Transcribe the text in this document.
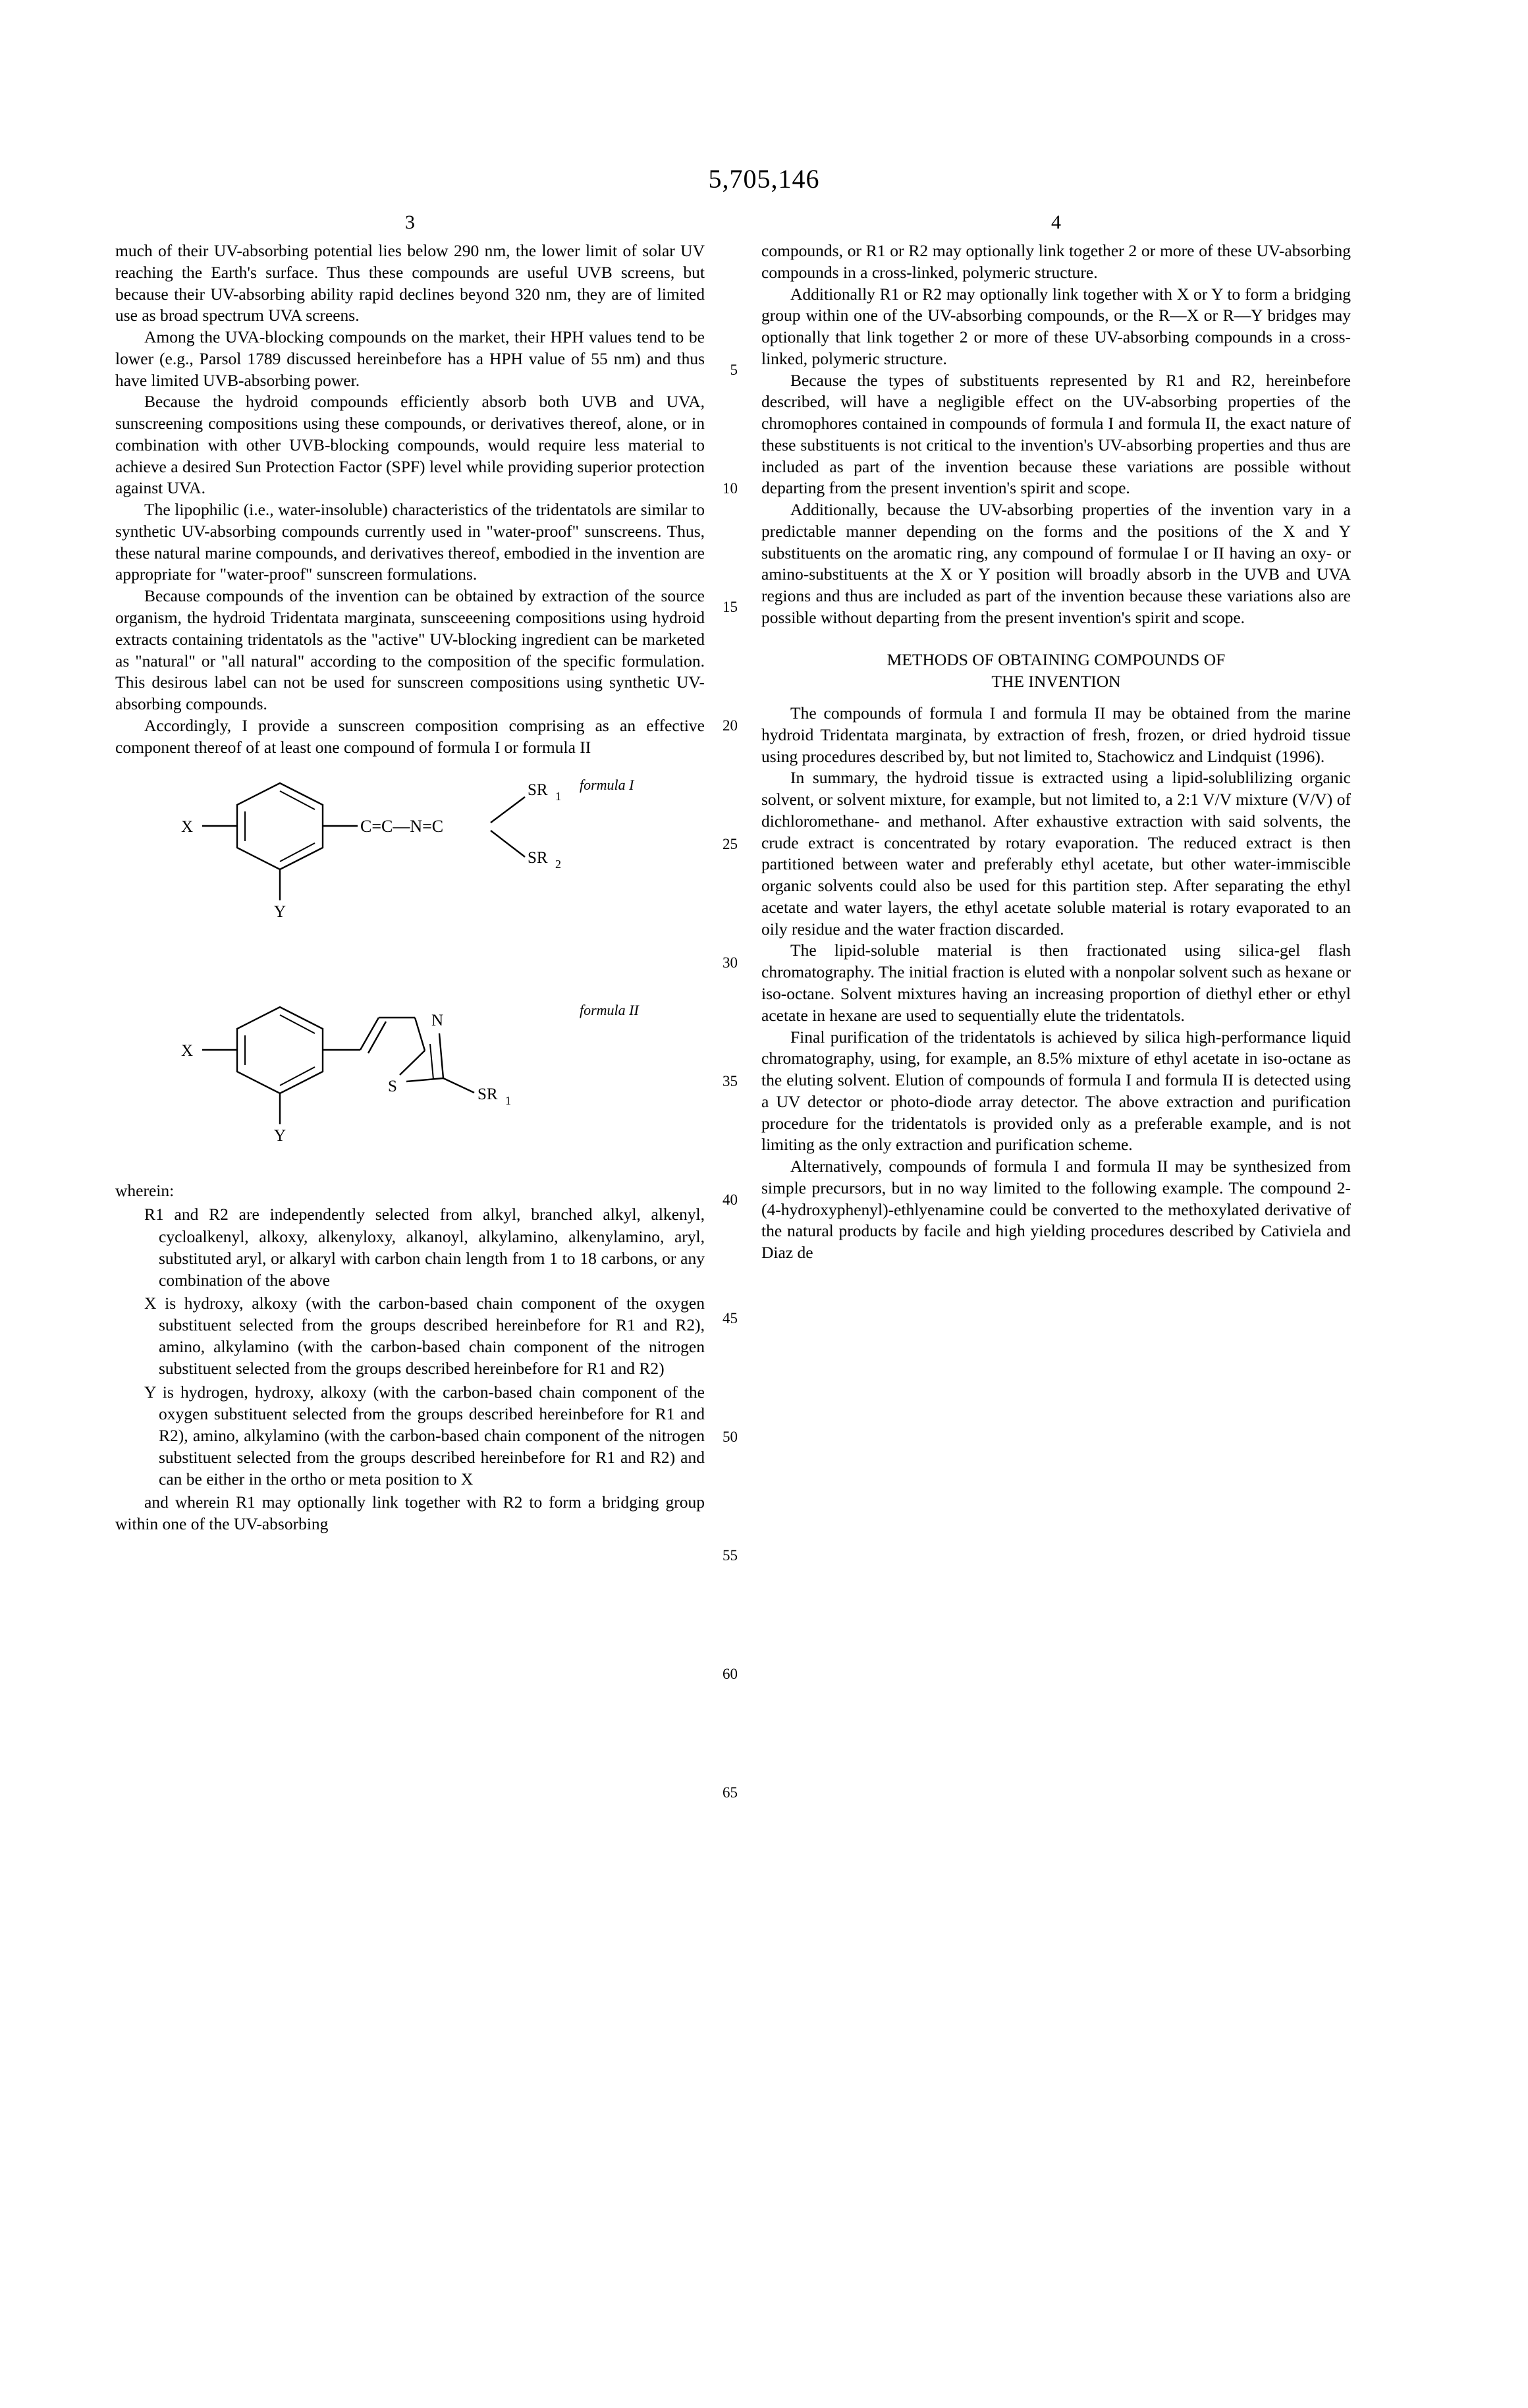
5,705,146
3
5
10
15
20
25
30
35
40
45
50
55
60
65

much of their UV-absorbing potential lies below 290 nm, the lower limit of solar UV reaching the Earth's surface. Thus these compounds are useful UVB screens, but because their UV-absorbing ability rapid declines beyond 320 nm, they are of limited use as broad spectrum UVA screens.

Among the UVA-blocking compounds on the market, their HPH values tend to be lower (e.g., Parsol 1789 discussed hereinbefore has a HPH value of 55 nm) and thus have limited UVB-absorbing power.

Because the hydroid compounds efficiently absorb both UVB and UVA, sunscreening compositions using these compounds, or derivatives thereof, alone, or in combination with other UVB-blocking compounds, would require less material to achieve a desired Sun Protection Factor (SPF) level while providing superior protection against UVA.

The lipophilic (i.e., water-insoluble) characteristics of the tridentatols are similar to synthetic UV-absorbing compounds currently used in "water-proof" sunscreens. Thus, these natural marine compounds, and derivatives thereof, embodied in the invention are appropriate for "water-proof" sunscreen formulations.

Because compounds of the invention can be obtained by extraction of the source organism, the hydroid Tridentata marginata, sunsceeening compositions using hydroid extracts containing tridentatols as the "active" UV-blocking ingredient can be marketed as "natural" or "all natural" according to the composition of the specific formulation. This desirous label can not be used for sunscreen compositions using synthetic UV-absorbing compounds.

Accordingly, I provide a sunscreen composition comprising as an effective component thereof of at least one compound of formula I or formula II

X
Y
C=C—N=C
SR 1
SR 2
formula I
X
Y
N
S	SR 1
formula II
wherein:
R1 and R2 are independently selected from alkyl, branched alkyl, alkenyl, cycloalkenyl, alkoxy, alkenyloxy, alkanoyl, alkylamino, alkenylamino, aryl, substituted aryl, or alkaryl with carbon chain length from 1 to 18 carbons, or any combination of the above
X is hydroxy, alkoxy (with the carbon-based chain component of the oxygen substituent selected from the groups described hereinbefore for R1 and R2), amino, alkylamino (with the carbon-based chain component of the nitrogen substituent selected from the groups described hereinbefore for R1 and R2)
Y is hydrogen, hydroxy, alkoxy (with the carbon-based chain component of the oxygen substituent selected from the groups described hereinbefore for R1 and R2), amino, alkylamino (with the carbon-based chain component of the nitrogen substituent selected from the groups described hereinbefore for R1 and R2) and can be either in the ortho or meta position to X
and wherein R1 may optionally link together with R2 to form a bridging group within one of the UV-absorbing
4

compounds, or R1 or R2 may optionally link together 2 or more of these UV-absorbing compounds in a cross-linked, polymeric structure.

Additionally R1 or R2 may optionally link together with X or Y to form a bridging group within one of the UV-absorbing compounds, or the R—X or R—Y bridges may optionally that link together 2 or more of these UV-absorbing compounds in a cross-linked, polymeric structure.

Because the types of substituents represented by R1 and R2, hereinbefore described, will have a negligible effect on the UV-absorbing properties of the chromophores contained in compounds of formula I and formula II, the exact nature of these substituents is not critical to the invention's UV-absorbing properties and thus are included as part of the invention because these variations are possible without departing from the present invention's spirit and scope.

Additionally, because the UV-absorbing properties of the invention vary in a predictable manner depending on the forms and the positions of the X and Y substituents on the aromatic ring, any compound of formulae I or II having an oxy- or amino-substituents at the X or Y position will broadly absorb in the UVB and UVA regions and thus are included as part of the invention because these variations also are possible without departing from the present invention's spirit and scope.

METHODS OF OBTAINING COMPOUNDS OF
THE INVENTION

The compounds of formula I and formula II may be obtained from the marine hydroid Tridentata marginata, by extraction of fresh, frozen, or dried hydroid tissue using procedures described by, but not limited to, Stachowicz and Lindquist (1996).

In summary, the hydroid tissue is extracted using a lipid-solublilizing organic solvent, or solvent mixture, for example, but not limited to, a 2:1 V/V mixture (V/V) of dichloromethane- and methanol. After exhaustive extraction with said solvents, the crude extract is concentrated by rotary evaporation. The reduced extract is then partitioned between water and preferably ethyl acetate, but other water-immiscible organic solvents could also be used for this partition step. After separating the ethyl acetate and water layers, the ethyl acetate soluble material is rotary evaporated to an oily residue and the water fraction discarded.

The lipid-soluble material is then fractionated using silica-gel flash chromatography. The initial fraction is eluted with a nonpolar solvent such as hexane or iso-octane. Solvent mixtures having an increasing proportion of diethyl ether or ethyl acetate in hexane are used to sequentially elute the tridentatols.

Final purification of the tridentatols is achieved by silica high-performance liquid chromatography, using, for example, an 8.5% mixture of ethyl acetate in iso-octane as the eluting solvent. Elution of compounds of formula I and formula II is detected using a UV detector or photo-diode array detector. The above extraction and purification procedure for the tridentatols is provided only as a preferable example, and is not limiting as the only extraction and purification scheme.

Alternatively, compounds of formula I and formula II may be synthesized from simple precursors, but in no way limited to the following example. The compound 2-(4-hydroxyphenyl)-ethlyenamine could be converted to the methoxylated derivative of the natural products by facile and high yielding procedures described by Cativiela and Diaz de
